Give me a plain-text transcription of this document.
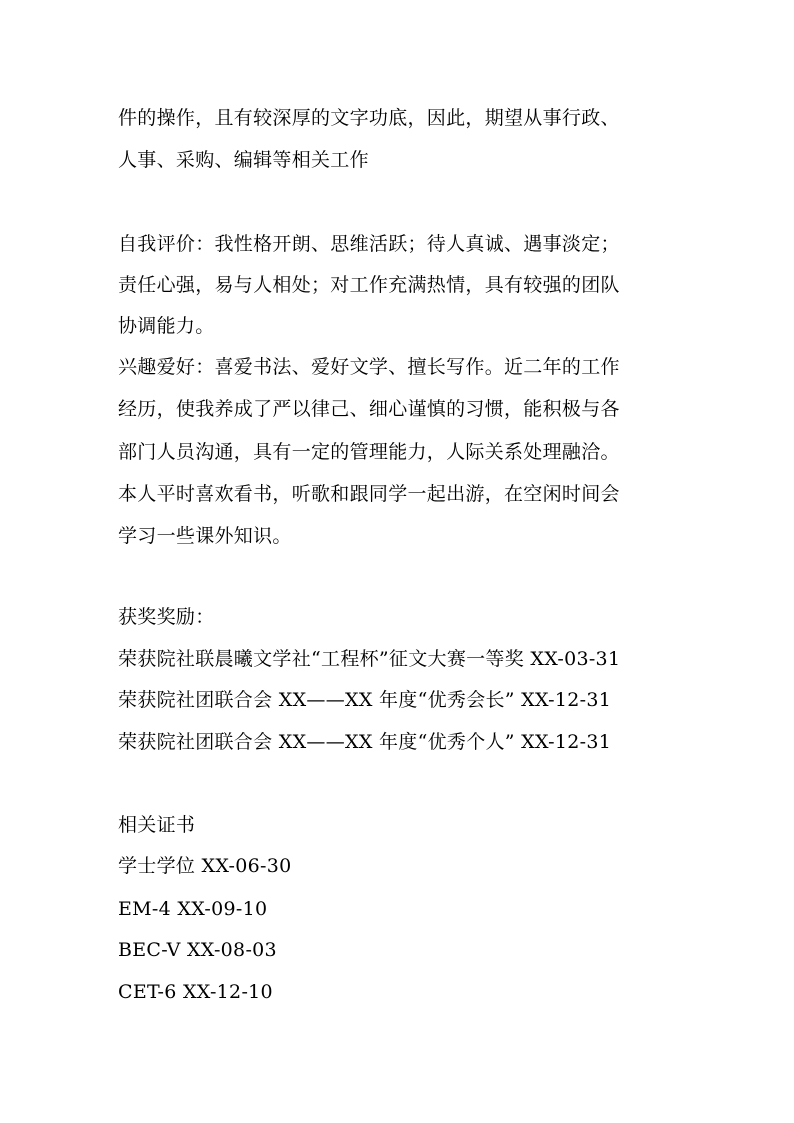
件的操作，且有较深厚的文字功底，因此，期望从事行政、
人事、采购、编辑等相关工作
自我评价：我性格开朗、思维活跃；待人真诚、遇事淡定；
责任心强，易与人相处；对工作充满热情，具有较强的团队
协调能力。
兴趣爱好：喜爱书法、爱好文学、擅长写作。近二年的工作
经历，使我养成了严以律己、细心谨慎的习惯，能积极与各
部门人员沟通，具有一定的管理能力，人际关系处理融洽。
本人平时喜欢看书，听歌和跟同学一起出游，在空闲时间会
学习一些课外知识。
获奖奖励：
荣获院社联晨曦文学社“工程杯”征文大赛一等奖 XX-03-31
荣获院社团联合会 XX——XX 年度“优秀会长” XX-12-31
荣获院社团联合会 XX——XX 年度“优秀个人” XX-12-31
相关证书
学士学位 XX-06-30
EM-4 XX-09-10
BEC-V XX-08-03
CET-6 XX-12-10
